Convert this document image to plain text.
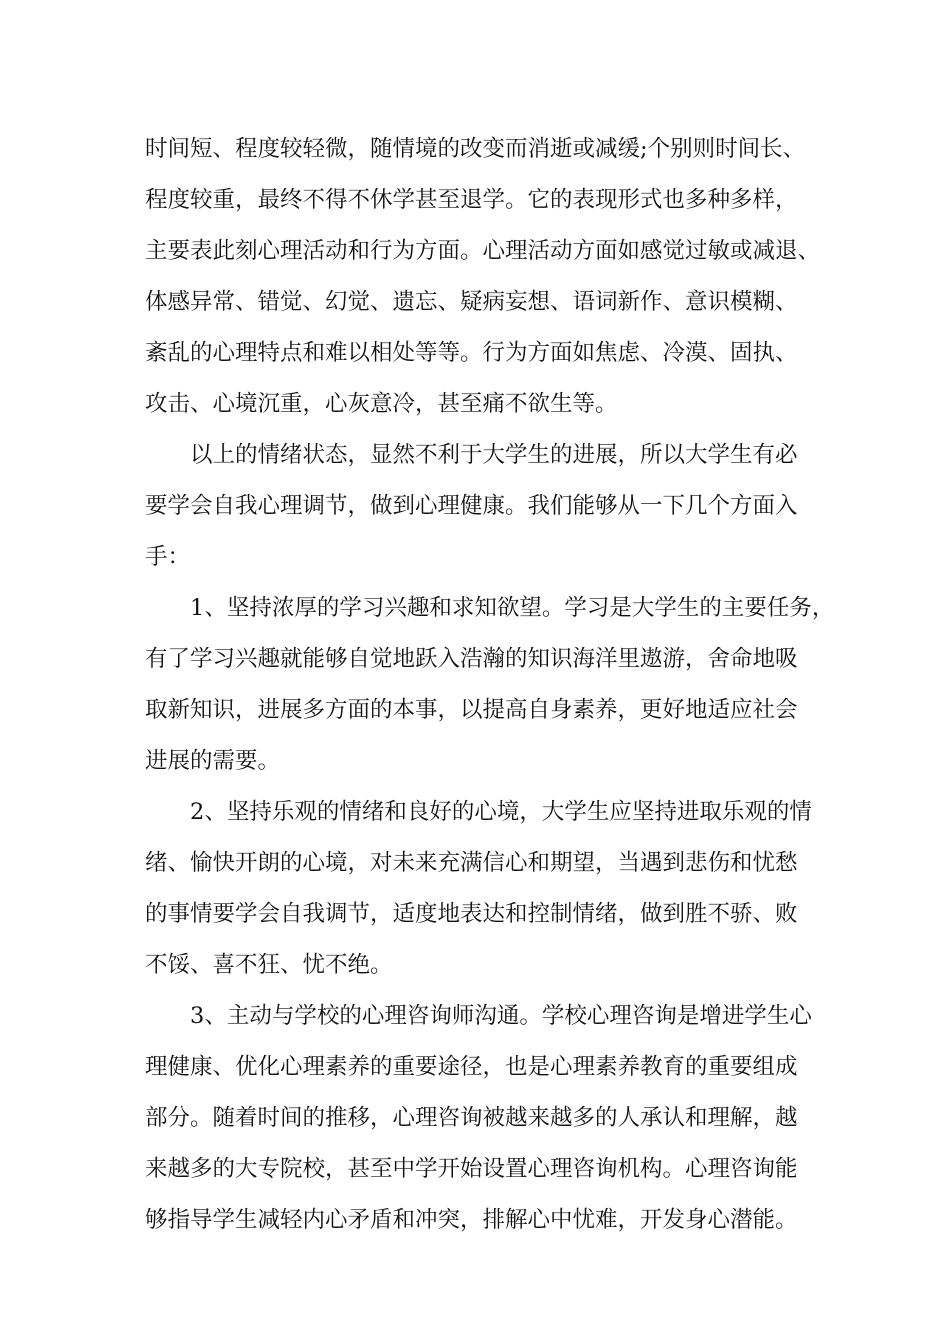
时间短、程度较轻微，随情境的改变而消逝或减缓;个别则时间长、
程度较重，最终不得不休学甚至退学。它的表现形式也多种多样，
主要表此刻心理活动和行为方面。心理活动方面如感觉过敏或减退、
体感异常、错觉、幻觉、遗忘、疑病妄想、语词新作、意识模糊、
紊乱的心理特点和难以相处等等。行为方面如焦虑、冷漠、固执、
攻击、心境沉重，心灰意冷，甚至痛不欲生等。

以上的情绪状态，显然不利于大学生的进展，所以大学生有必
要学会自我心理调节，做到心理健康。我们能够从一下几个方面入
手：

1、坚持浓厚的学习兴趣和求知欲望。学习是大学生的主要任务，
有了学习兴趣就能够自觉地跃入浩瀚的知识海洋里遨游，舍命地吸
取新知识，进展多方面的本事，以提高自身素养，更好地适应社会
进展的需要。

2、坚持乐观的情绪和良好的心境，大学生应坚持进取乐观的情
绪、愉快开朗的心境，对未来充满信心和期望，当遇到悲伤和忧愁
的事情要学会自我调节，适度地表达和控制情绪，做到胜不骄、败
不馁、喜不狂、忧不绝。

3、主动与学校的心理咨询师沟通。学校心理咨询是增进学生心
理健康、优化心理素养的重要途径，也是心理素养教育的重要组成
部分。随着时间的推移，心理咨询被越来越多的人承认和理解，越
来越多的大专院校，甚至中学开始设置心理咨询机构。心理咨询能
够指导学生减轻内心矛盾和冲突，排解心中忧难，开发身心潜能。
